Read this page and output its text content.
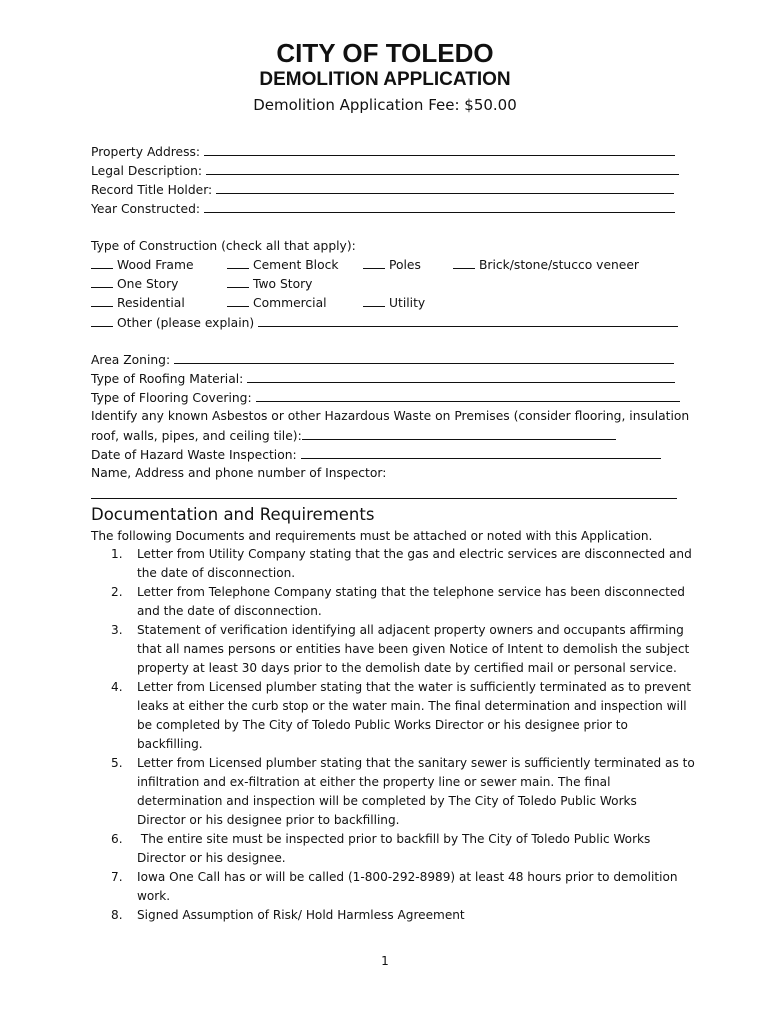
CITY OF TOLEDO
DEMOLITION APPLICATION
Demolition Application Fee: $50.00
Property Address:
Legal Description:
Record Title Holder:
Year Constructed:
Type of Construction (check all that apply):
Wood Frame	Cement Block	Poles	Brick/stone/stucco veneer
One Story	Two Story
Residential	Commercial	Utility
Other (please explain)
Area Zoning:
Type of Roofing Material:
Type of Flooring Covering:
Identify any known Asbestos or other Hazardous Waste on Premises (consider flooring, insulation
roof, walls, pipes, and ceiling tile):
Date of Hazard Waste Inspection:
Name, Address and phone number of Inspector:
Documentation and Requirements
The following Documents and requirements must be attached or noted with this Application.
1. Letter from Utility Company stating that the gas and electric services are disconnected and
the date of disconnection.
2. Letter from Telephone Company stating that the telephone service has been disconnected
and the date of disconnection.
3. Statement of verification identifying all adjacent property owners and occupants affirming
that all names persons or entities have been given Notice of Intent to demolish the subject
property at least 30 days prior to the demolish date by certified mail or personal service.
4. Letter from Licensed plumber stating that the water is sufficiently terminated as to prevent
leaks at either the curb stop or the water main. The final determination and inspection will
be completed by The City of Toledo Public Works Director or his designee prior to
backfilling.
5. Letter from Licensed plumber stating that the sanitary sewer is sufficiently terminated as to
infiltration and ex-filtration at either the property line or sewer main. The final
determination and inspection will be completed by The City of Toledo Public Works
Director or his designee prior to backfilling.
6. The entire site must be inspected prior to backfill by The City of Toledo Public Works
Director or his designee.
7. Iowa One Call has or will be called (1-800-292-8989) at least 48 hours prior to demolition
work.
8. Signed Assumption of Risk/ Hold Harmless Agreement
1
